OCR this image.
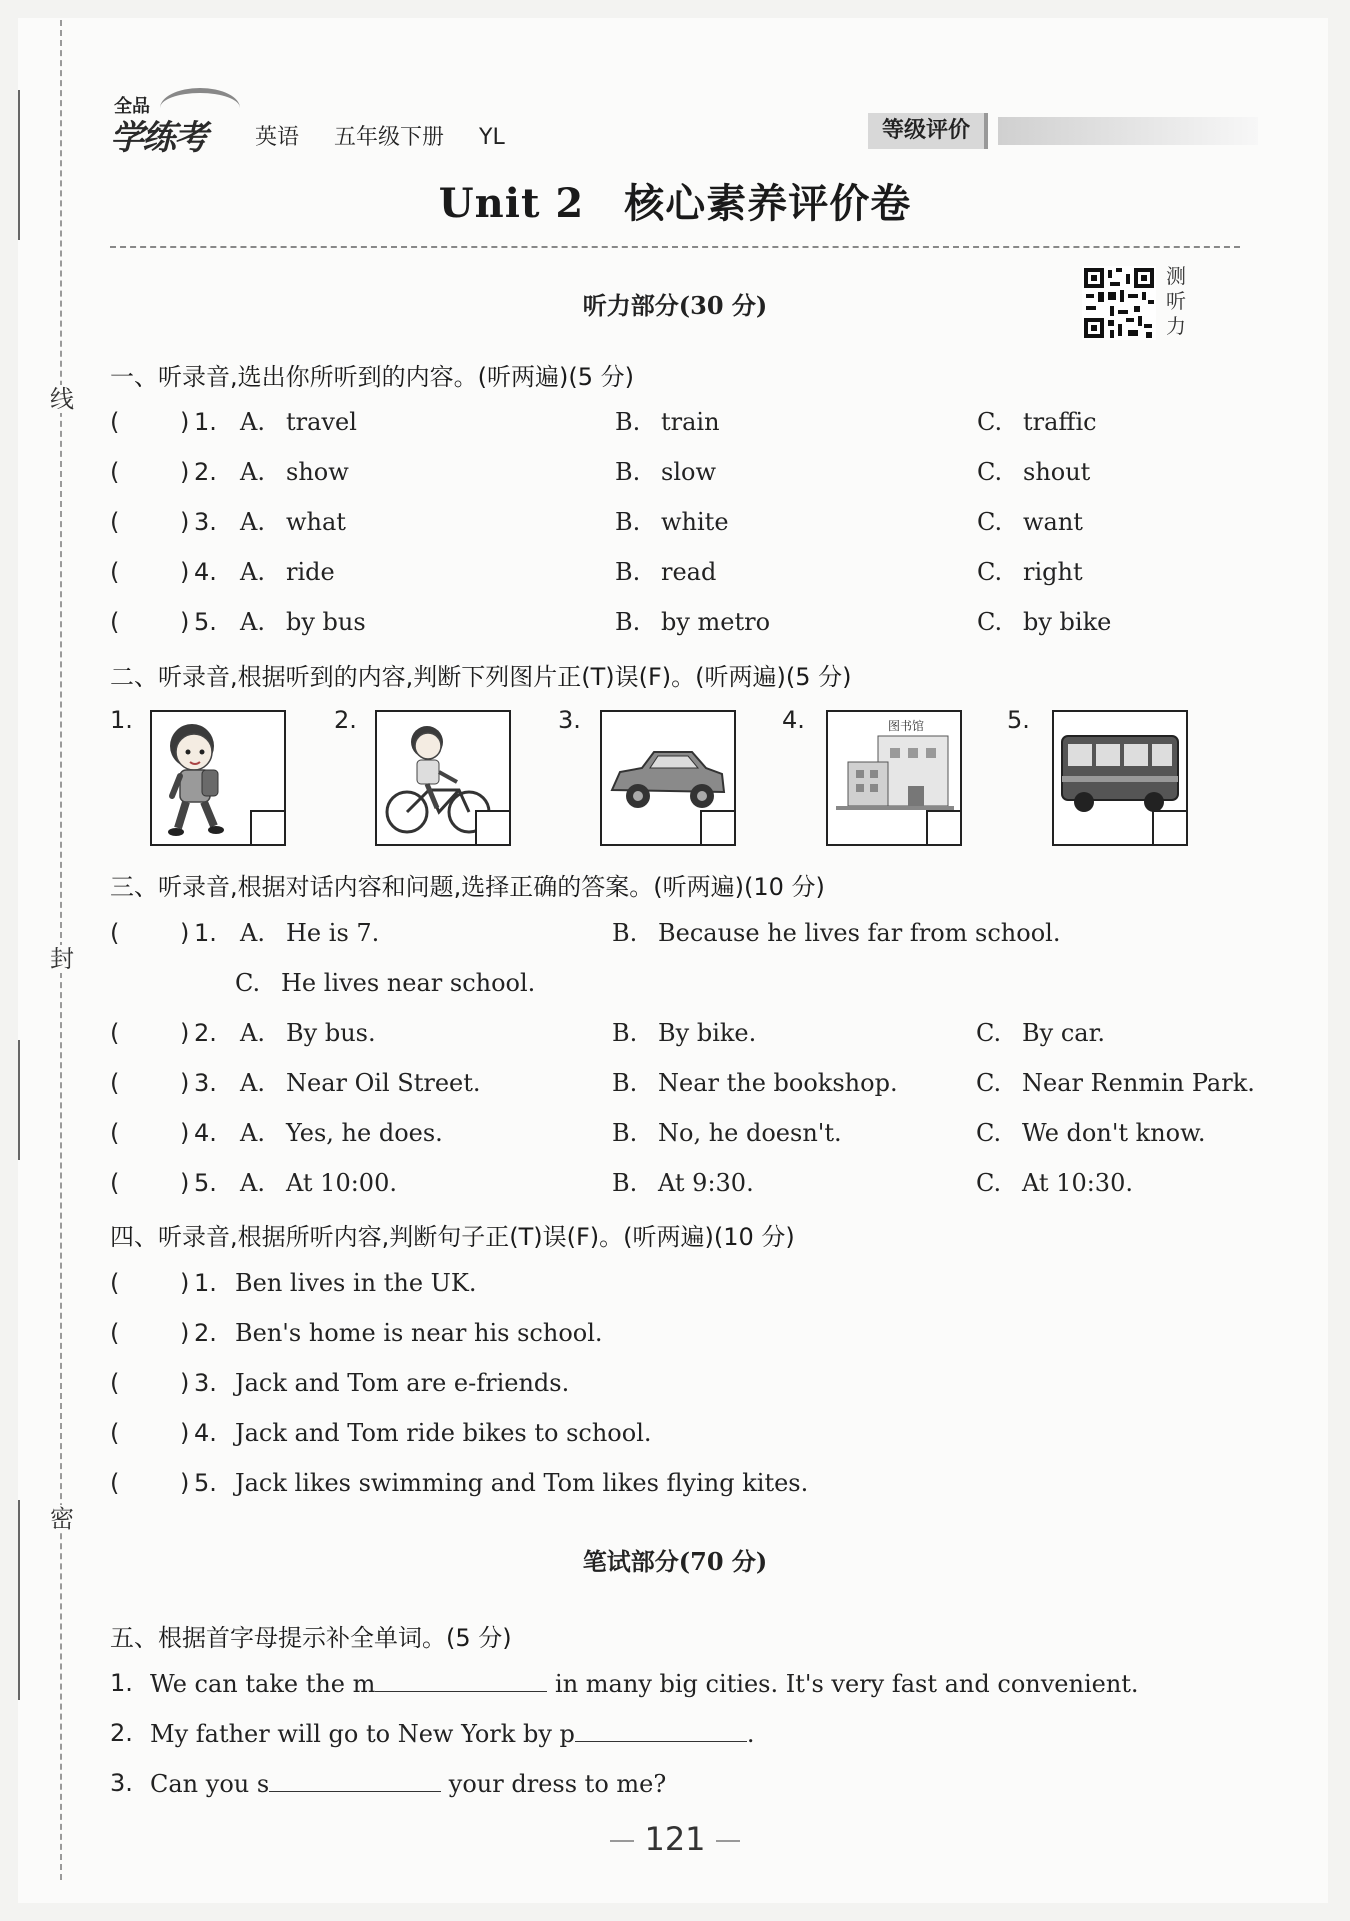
线
封
密
全品
学练考 英语 五年级下册 YL	等级评价
Unit 2 核心素养评价卷
听力部分(30 分)
测
听
力
一、听录音,选出你所听到的内容。(听两遍)(5 分)
(	) 1. A. travel	B. train	C. traffic
(	) 2. A. show	B. slow	C. shout
(	) 3. A. what	B. white	C. want
(	) 4. A. ride	B. read	C. right
(	) 5. A. by bus	B. by metro	C. by bike
二、听录音,根据听到的内容,判断下列图片正(T)误(F)。(听两遍)(5 分)
1.	2.	3.	4.	图书馆	5.
三、听录音,根据对话内容和问题,选择正确的答案。(听两遍)(10 分)
(	) 1. A. He is 7.	B. Because he lives far from school.
C. He lives near school.
(	) 2. A. By bus.	B. By bike.	C. By car.
(	) 3. A. Near Oil Street.	B. Near the bookshop.	C. Near Renmin Park.
(	) 4. A. Yes, he does.	B. No, he doesn't.	C. We don't know.
(	) 5. A. At 10:00.	B. At 9:30.	C. At 10:30.
四、听录音,根据所听内容,判断句子正(T)误(F)。(听两遍)(10 分)
(	) 1. Ben lives in the UK.
(	) 2. Ben's home is near his school.
(	) 3. Jack and Tom are e-friends.
(	) 4. Jack and Tom ride bikes to school.
(	) 5. Jack likes swimming and Tom likes flying kites.
笔试部分(70 分)
五、根据首字母提示补全单词。(5 分)
1. We can take the m	in many big cities. It's very fast and convenient.
2. My father will go to New York by p	.
3. Can you s	your dress to me?
121
